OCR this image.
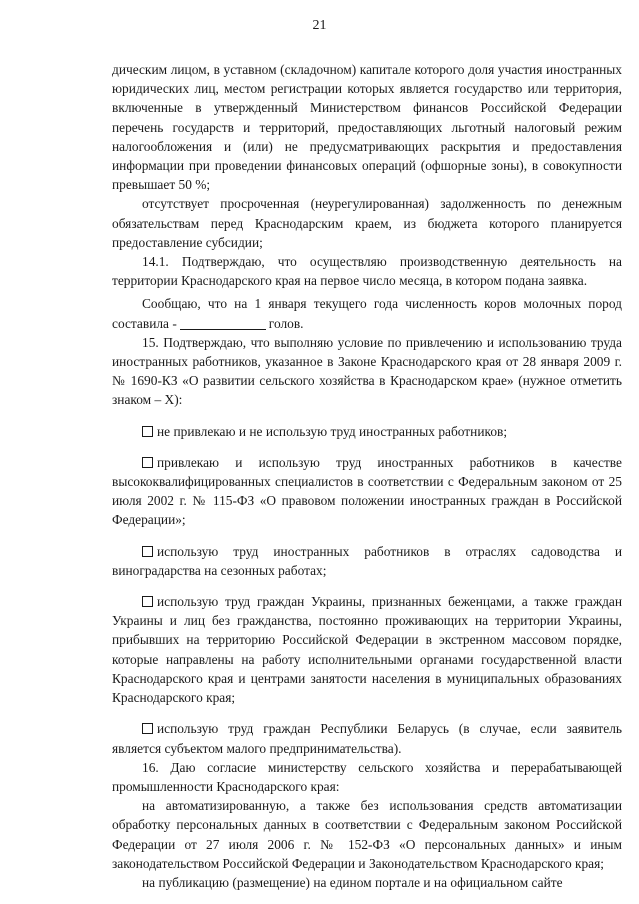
21

дическим лицом, в уставном (складочном) капитале которого доля участия иностранных юридических лиц, местом регистрации которых является государство или территория, включенные в утвержденный Министерством финансов Российской Федерации перечень государств и территорий, предоставляющих льготный налоговый режим налогообложения и (или) не предусматривающих раскрытия и предоставления информации при проведении финансовых операций (офшорные зоны), в совокупности превышает 50 %;

отсутствует просроченная (неурегулированная) задолженность по денежным обязательствам перед Краснодарским краем, из бюджета которого планируется предоставление субсидии;

14.1. Подтверждаю, что осуществляю производственную деятельность на территории Краснодарского края на первое число месяца, в котором подана заявка.

Сообщаю, что на 1 января текущего года численность коров молочных пород составила -	голов.

15. Подтверждаю, что выполняю условие по привлечению и использованию труда иностранных работников, указанное в Законе Краснодарского края от 28 января 2009 г. № 1690-КЗ «О развитии сельского хозяйства в Краснодарском крае» (нужное отметить знаком – Х):

не привлекаю и не использую труд иностранных работников;

привлекаю и использую труд иностранных работников в качестве высококвалифицированных специалистов в соответствии с Федеральным законом от 25 июля 2002 г. № 115-ФЗ «О правовом положении иностранных граждан в Российской Федерации»;

использую труд иностранных работников в отраслях садоводства и виноградарства на сезонных работах;

использую труд граждан Украины, признанных беженцами, а также граждан Украины и лиц без гражданства, постоянно проживающих на территории Украины, прибывших на территорию Российской Федерации в экстренном массовом порядке, которые направлены на работу исполнительными органами государственной власти Краснодарского края и центрами занятости населения в муниципальных образованиях Краснодарского края;

использую труд граждан Республики Беларусь (в случае, если заявитель является субъектом малого предпринимательства).

16. Даю согласие министерству сельского хозяйства и перерабатывающей промышленности Краснодарского края:

на автоматизированную, а также без использования средств автоматизации обработку персональных данных в соответствии с Федеральным законом Российской Федерации от 27 июля 2006 г. № 152-ФЗ «О персональных данных» и иным законодательством Российской Федерации и Законодательством Краснодарского края;

на публикацию (размещение) на едином портале и на официальном сайте
